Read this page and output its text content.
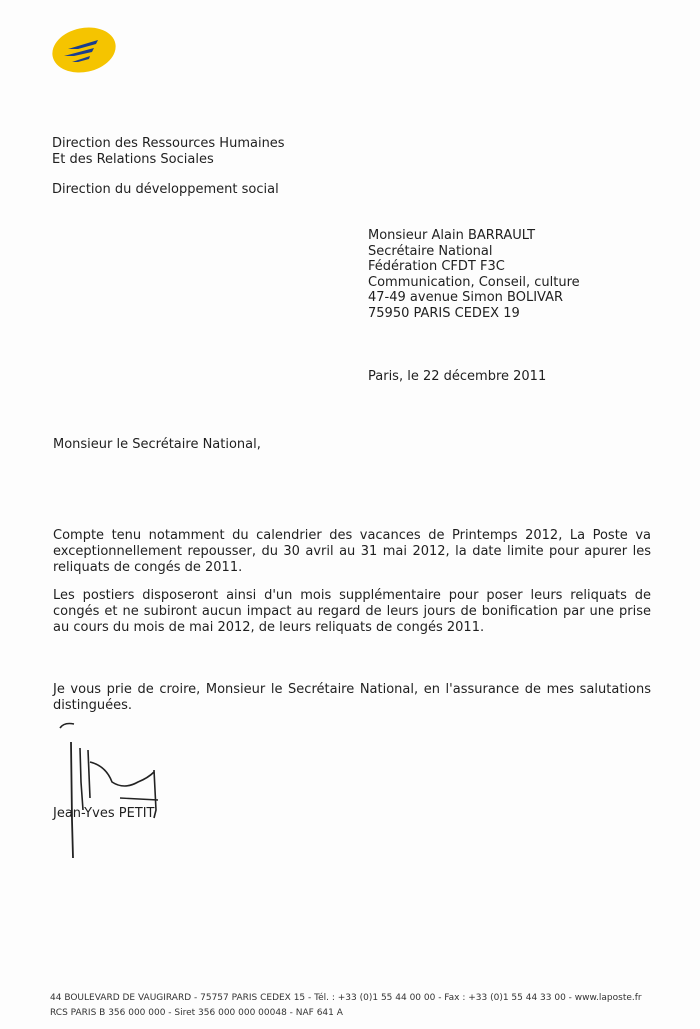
Direction des Ressources Humaines
Et des Relations Sociales
Direction du développement social
Monsieur Alain BARRAULT
Secrétaire National
Fédération CFDT F3C
Communication, Conseil, culture
47-49 avenue Simon BOLIVAR
75950 PARIS CEDEX 19
Paris, le 22 décembre 2011
Monsieur le Secrétaire National,

Compte tenu notamment du calendrier des vacances de Printemps 2012, La Poste va exceptionnellement repousser, du 30 avril au 31 mai 2012, la date limite pour apurer les reliquats de congés de 2011.

Les postiers disposeront ainsi d'un mois supplémentaire pour poser leurs reliquats de congés et ne subiront aucun impact au regard de leurs jours de bonification par une prise au cours du mois de mai 2012, de leurs reliquats de congés 2011.

Je vous prie de croire, Monsieur le Secrétaire National, en l'assurance de mes salutations distinguées.
Jean-Yves PETIT
44 BOULEVARD DE VAUGIRARD - 75757 PARIS CEDEX 15 - Tél. : +33 (0)1 55 44 00 00 - Fax : +33 (0)1 55 44 33 00 - www.laposte.fr
RCS PARIS B 356 000 000 - Siret 356 000 000 00048 - NAF 641 A
